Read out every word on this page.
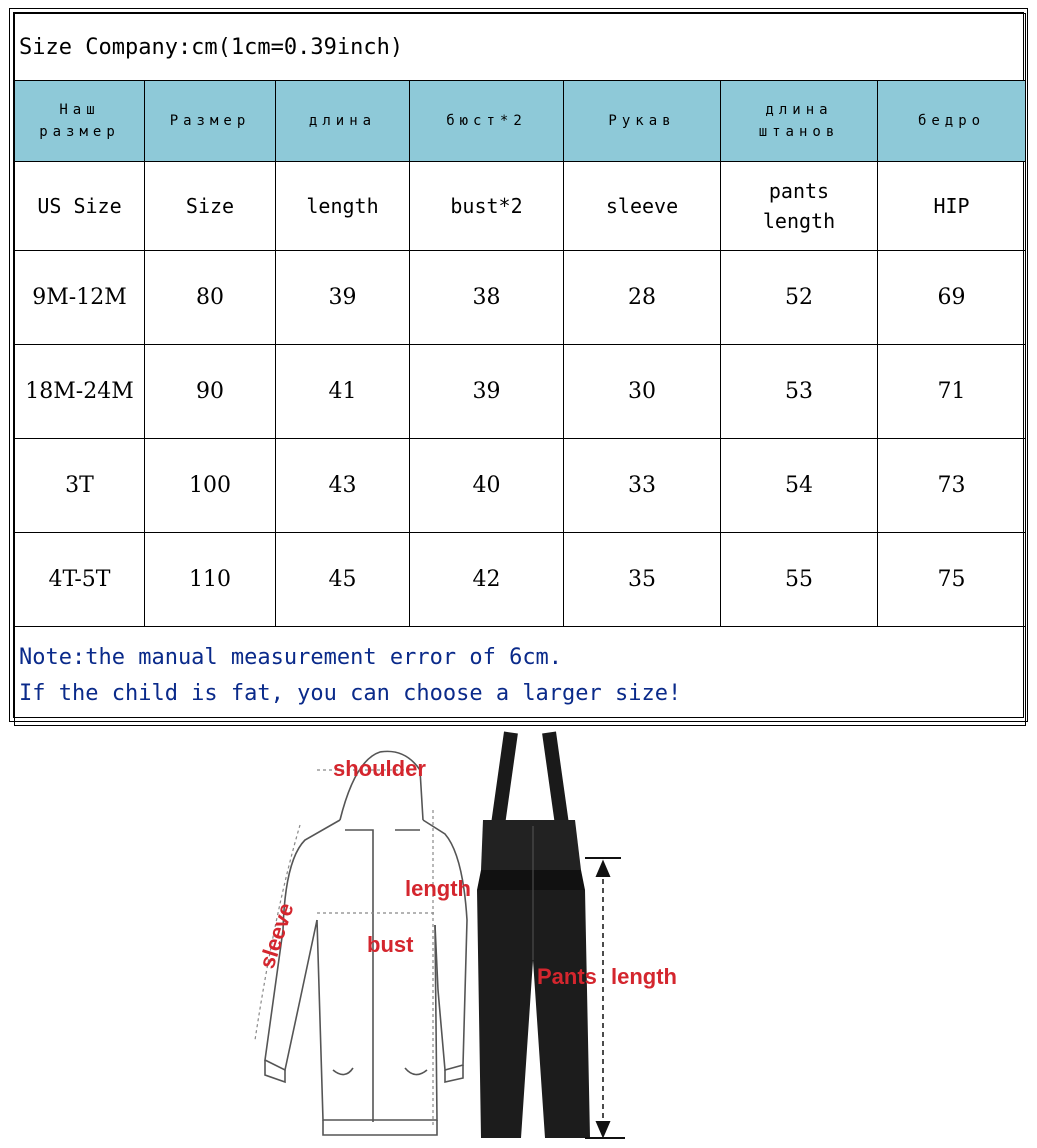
Size Company:cm(1cm=0.39inch)						
Наш размер	Размер	длина	бюст*2	Рукав	длина штанов	бедро
US Size	Size	length	bust*2	sleeve	pants length	HIP
9M-12M	80	39	38	28	52	69
18M-24M	90	41	39	30	53	71
3T	100	43	40	33	54	73
4T-5T	110	45	42	35	55	75

Note:the manual measurement error of 6cm.
If the child is fat, you can choose a larger size!						
shoulder
length
bust
sleeve
Pants length
